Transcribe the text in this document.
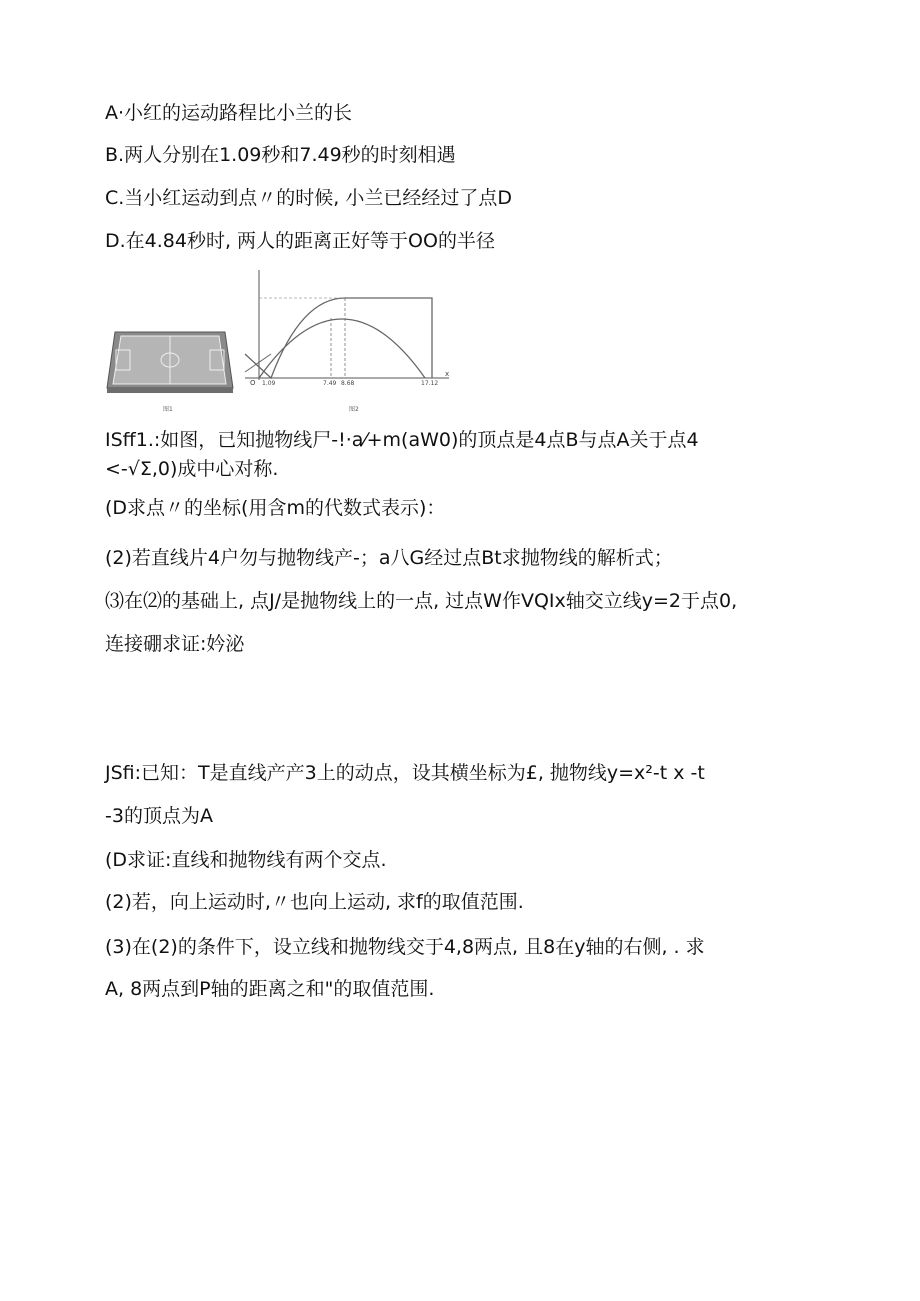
A·小红的运动路程比小兰的长
B.两人分别在1.09秒和7.49秒的时刻相遇
C.当小红运动到点〃的时候, 小兰已经经过了点D
D.在4.84秒时, 两人的距离正好等于OO的半径
O
x
1.09	7.49 8.68	17.12
图1	图2
ISff1.:如图，已知抛物线尸-!·a⁄+m(aW0)的顶点是4点B与点A关于点4
<-√Σ,0)成中心对称.
(D求点〃的坐标(用含m的代数式表示)：
(2)若直线片4户勿与抛物线产-；a八G经过点Bt求抛物线的解析式；
⑶在⑵的基础上, 点J/是抛物线上的一点, 过点W作VQIx轴交立线y=2于点0,
连接硼求证:妗泌
JSfi:已知：T是直线产产3上的动点，设其横坐标为£, 抛物线y=x²-t x -t
-3的顶点为A
(D求证:直线和抛物线有两个交点.
(2)若，向上运动时,〃也向上运动, 求f的取值范围.
(3)在(2)的条件下，设立线和抛物线交于4,8两点, 且8在y轴的右侧, . 求
A, 8两点到P轴的距离之和"的取值范围.
